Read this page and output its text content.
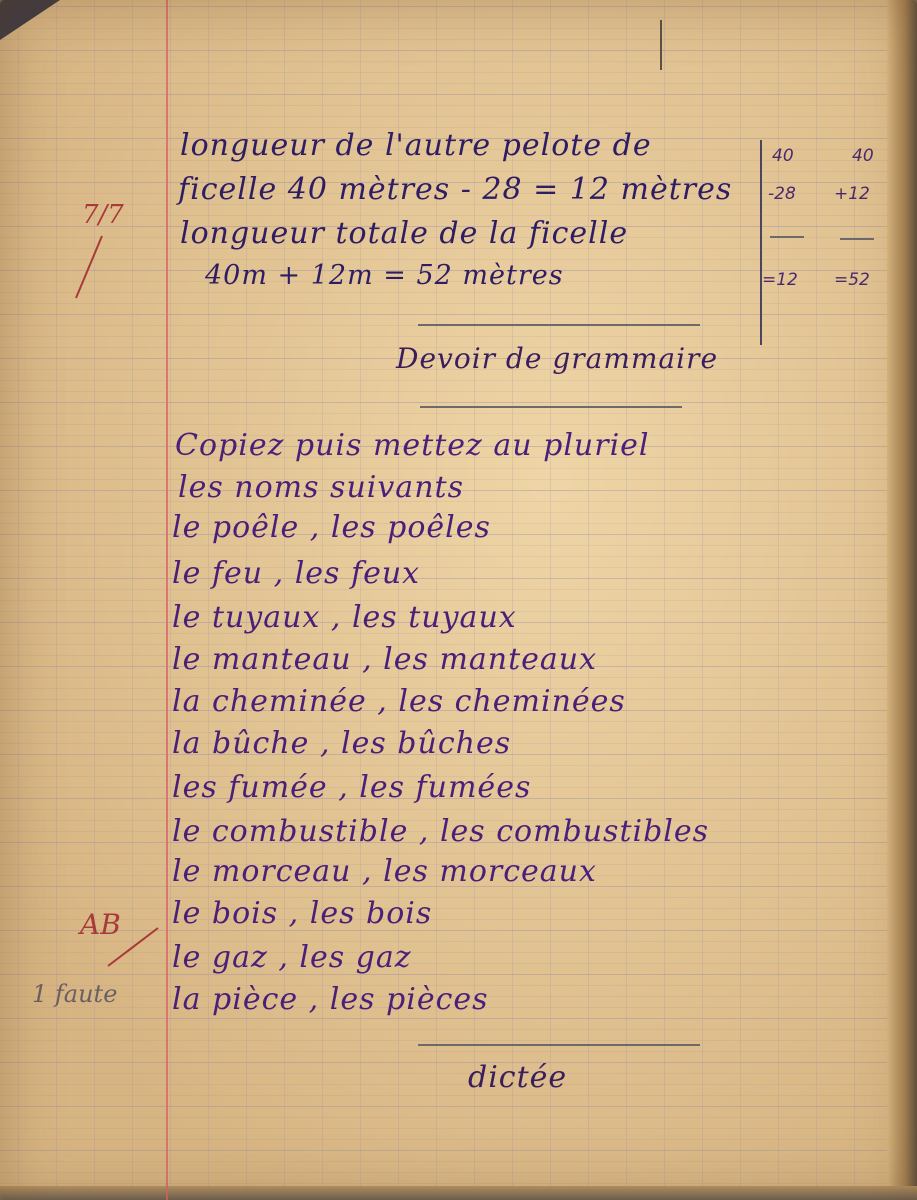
longueur de l'autre pelote de
ficelle 40 mètres - 28 = 12 mètres
longueur totale de la ficelle
40m + 12m = 52 mètres
40
-28
=12
40
+12
=52
7/7
Devoir de grammaire
Copiez puis mettez au pluriel
les noms suivants
le poêle , les poêles
le feu , les feux
le tuyaux , les tuyaux
le manteau , les manteaux
la cheminée , les cheminées
la bûche , les bûches
les fumée , les fumées
le combustible , les combustibles
le morceau , les morceaux
le bois , les bois
le gaz , les gaz
la pièce , les pièces
AB
1 faute
dictée
